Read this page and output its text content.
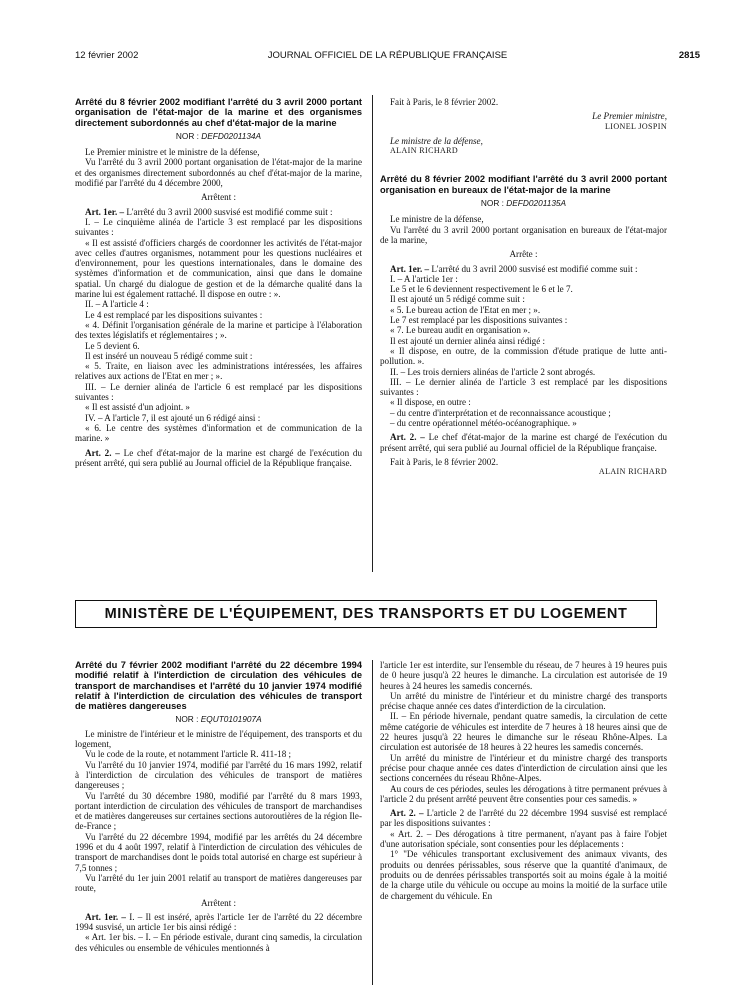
12 février 2002	JOURNAL OFFICIEL DE LA RÉPUBLIQUE FRANÇAISE	2815

Arrêté du 8 février 2002 modifiant l'arrêté du 3 avril 2000 portant organisation de l'état-major de la marine et des organismes directement subordonnés au chef d'état-major de la marine

NOR : DEFD0201134A

Le Premier ministre et le ministre de la défense,

Vu l'arrêté du 3 avril 2000 portant organisation de l'état-major de la marine et des organismes directement subordonnés au chef d'état-major de la marine, modifié par l'arrêté du 4 décembre 2000,

Arrêtent :

Art. 1er. – L'arrêté du 3 avril 2000 susvisé est modifié comme suit :

I. – Le cinquième alinéa de l'article 3 est remplacé par les dispositions suivantes :

« Il est assisté d'officiers chargés de coordonner les activités de l'état-major avec celles d'autres organismes, notamment pour les questions nucléaires et d'environnement, pour les questions internationales, dans le domaine des systèmes d'information et de communication, ainsi que dans le domaine spatial. Un chargé du dialogue de gestion et de la démarche qualité dans la marine lui est également rattaché. Il dispose en outre : ».

II. – A l'article 4 :

Le 4 est remplacé par les dispositions suivantes :

« 4. Définit l'organisation générale de la marine et participe à l'élaboration des textes législatifs et réglementaires ; ».

Le 5 devient 6.

Il est inséré un nouveau 5 rédigé comme suit :

« 5. Traite, en liaison avec les administrations intéressées, les affaires relatives aux actions de l'Etat en mer ; ».

III. – Le dernier alinéa de l'article 6 est remplacé par les dispositions suivantes :

« Il est assisté d'un adjoint. »

IV. – A l'article 7, il est ajouté un 6 rédigé ainsi :

« 6. Le centre des systèmes d'information et de communication de la marine. »

Art. 2. – Le chef d'état-major de la marine est chargé de l'exécution du présent arrêté, qui sera publié au Journal officiel de la République française.

Fait à Paris, le 8 février 2002.

Le Premier ministre,

LIONEL JOSPIN

Le ministre de la défense,

ALAIN RICHARD

Arrêté du 8 février 2002 modifiant l'arrêté du 3 avril 2000 portant organisation en bureaux de l'état-major de la marine

NOR : DEFD0201135A

Le ministre de la défense,

Vu l'arrêté du 3 avril 2000 portant organisation en bureaux de l'état-major de la marine,

Arrête :

Art. 1er. – L'arrêté du 3 avril 2000 susvisé est modifié comme suit :

I. – A l'article 1er :

Le 5 et le 6 deviennent respectivement le 6 et le 7.

Il est ajouté un 5 rédigé comme suit :

« 5. Le bureau action de l'Etat en mer ; ».

Le 7 est remplacé par les dispositions suivantes :

« 7. Le bureau audit en organisation ».

Il est ajouté un dernier alinéa ainsi rédigé :

« Il dispose, en outre, de la commission d'étude pratique de lutte anti-pollution. ».

II. – Les trois derniers alinéas de l'article 2 sont abrogés.

III. – Le dernier alinéa de l'article 3 est remplacé par les dispositions suivantes :

« Il dispose, en outre :

– du centre d'interprétation et de reconnaissance acoustique ;

– du centre opérationnel météo-océanographique. »

Art. 2. – Le chef d'état-major de la marine est chargé de l'exécution du présent arrêté, qui sera publié au Journal officiel de la République française.

Fait à Paris, le 8 février 2002.

ALAIN RICHARD

MINISTÈRE DE L'ÉQUIPEMENT, DES TRANSPORTS ET DU LOGEMENT

Arrêté du 7 février 2002 modifiant l'arrêté du 22 décembre 1994 modifié relatif à l'interdiction de circulation des véhicules de transport de marchandises et l'arrêté du 10 janvier 1974 modifié relatif à l'interdiction de circulation des véhicules de transport de matières dangereuses

NOR : EQUT0101907A

Le ministre de l'intérieur et le ministre de l'équipement, des transports et du logement,

Vu le code de la route, et notamment l'article R. 411-18 ;

Vu l'arrêté du 10 janvier 1974, modifié par l'arrêté du 16 mars 1992, relatif à l'interdiction de circulation des véhicules de transport de matières dangereuses ;

Vu l'arrêté du 30 décembre 1980, modifié par l'arrêté du 8 mars 1993, portant interdiction de circulation des véhicules de transport de marchandises et de matières dangereuses sur certaines sections autoroutières de la région Ile-de-France ;

Vu l'arrêté du 22 décembre 1994, modifié par les arrêtés du 24 décembre 1996 et du 4 août 1997, relatif à l'interdiction de circulation des véhicules de transport de marchandises dont le poids total autorisé en charge est supérieur à 7,5 tonnes ;

Vu l'arrêté du 1er juin 2001 relatif au transport de matières dangereuses par route,

Arrêtent :

Art. 1er. – I. – Il est inséré, après l'article 1er de l'arrêté du 22 décembre 1994 susvisé, un article 1er bis ainsi rédigé :

« Art. 1er bis. – I. – En période estivale, durant cinq samedis, la circulation des véhicules ou ensemble de véhicules mentionnés à

l'article 1er est interdite, sur l'ensemble du réseau, de 7 heures à 19 heures puis de 0 heure jusqu'à 22 heures le dimanche. La circulation est autorisée de 19 heures à 24 heures les samedis concernés.

Un arrêté du ministre de l'intérieur et du ministre chargé des transports précise chaque année ces dates d'interdiction de la circulation.

II. – En période hivernale, pendant quatre samedis, la circulation de cette même catégorie de véhicules est interdite de 7 heures à 18 heures ainsi que de 22 heures jusqu'à 22 heures le dimanche sur le réseau Rhône-Alpes. La circulation est autorisée de 18 heures à 22 heures les samedis concernés.

Un arrêté du ministre de l'intérieur et du ministre chargé des transports précise pour chaque année ces dates d'interdiction de circulation ainsi que les sections concernées du réseau Rhône-Alpes.

Au cours de ces périodes, seules les dérogations à titre permanent prévues à l'article 2 du présent arrêté peuvent être consenties pour ces samedis. »

Art. 2. – L'article 2 de l'arrêté du 22 décembre 1994 susvisé est remplacé par les dispositions suivantes :

« Art. 2. – Des dérogations à titre permanent, n'ayant pas à faire l'objet d'une autorisation spéciale, sont consenties pour les déplacements :

1° "De véhicules transportant exclusivement des animaux vivants, des produits ou denrées périssables, sous réserve que la quantité d'animaux, de produits ou de denrées périssables transportés soit au moins égale à la moitié de la charge utile du véhicule ou occupe au moins la moitié de la surface utile de chargement du véhicule. En
